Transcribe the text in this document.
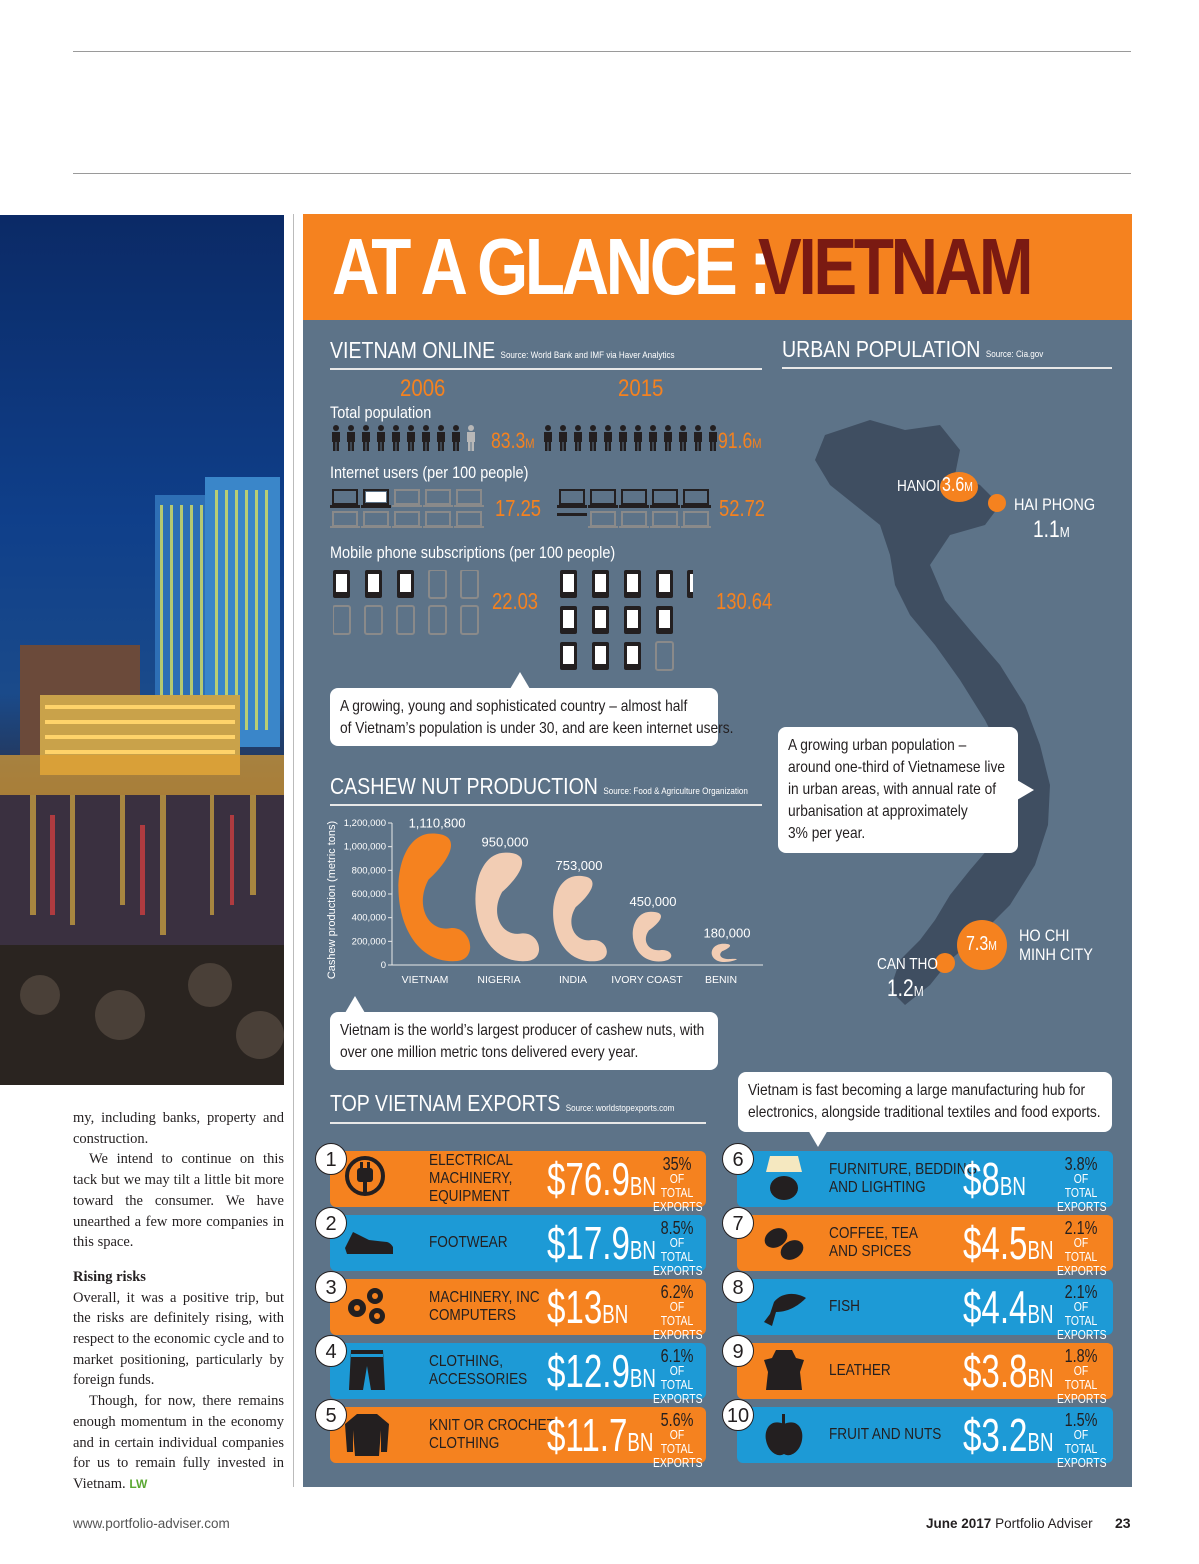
my, including banks, property and construction.

We intend to continue on this tack but we may tilt a little bit more toward the consumer. We have unearthed a few more companies in this space.

Rising risks

Overall, it was a positive trip, but the risks are definitely rising, with respect to the economic cycle and to market positioning, particularly by foreign funds.

Though, for now, there remains enough momentum in the economy and in certain individual companies for us to remain fully invested in Vietnam. LW

AT A GLANCE :
VIETNAM
VIETNAM ONLINE Source: World Bank and IMF via Haver Analytics
2006	2015
Total population
83.3M	91.6M
Internet users (per 100 people)
17.25	52.72
Mobile phone subscriptions (per 100 people)
22.03	130.64
A growing, young and sophisticated country – almost half
of Vietnam’s population is under 30, and are keen internet users.
URBAN POPULATION Source: Cia.gov
HANOI 3.6M
HAI PHONG
1.1M
A growing urban population –
around one-third of Vietnamese live
in urban areas, with annual rate of
urbanisation at approximately
3% per year.
7.3M
HO CHI
MINH CITY
CAN THO
1.2M
CASHEW NUT PRODUCTION Source: Food & Agriculture Organization
Cashew production (metric tons) 1,200,000
1,000,000
800,000
600,000
400,000
200,000
0
1,110,800
VIETNAM
950,000
NIGERIA
753,000
INDIA
450,000
IVORY COAST
180,000
BENIN
Vietnam is the world’s largest producer of cashew nuts, with
over one million metric tons delivered every year.
TOP VIETNAM EXPORTS Source: worldstopexports.com
Vietnam is fast becoming a large manufacturing hub for
electronics, alongside traditional textiles and food exports.
1	ELECTRICAL
MACHINERY,
EQUIPMENT $76.9BN
35%
OF TOTAL
EXPORTS
2
FOOTWEAR $17.9BN
8.5%
OF TOTAL
EXPORTS
3	MACHINERY, INC
COMPUTERS $13BN
6.2%
OF TOTAL
EXPORTS
4	CLOTHING,
ACCESSORIES $12.9BN
6.1%
OF TOTAL
EXPORTS
5	KNIT OR CROCHET
CLOTHING	$11.7BN
5.6%
OF TOTAL
EXPORTS
6	FURNITURE, BEDDING
AND LIGHTING $8BN
3.8%
OF TOTAL
EXPORTS
7	COFFEE, TEA
AND SPICES $4.5BN
2.1%
OF TOTAL
EXPORTS
8
FISH $4.4BN
2.1%
OF TOTAL
EXPORTS
9
LEATHER $3.8BN
1.8%
OF TOTAL
EXPORTS
10
FRUIT AND NUTS $3.2BN
1.5%
OF TOTAL
EXPORTS
www.portfolio-adviser.com	June 2017 Portfolio Adviser 23
